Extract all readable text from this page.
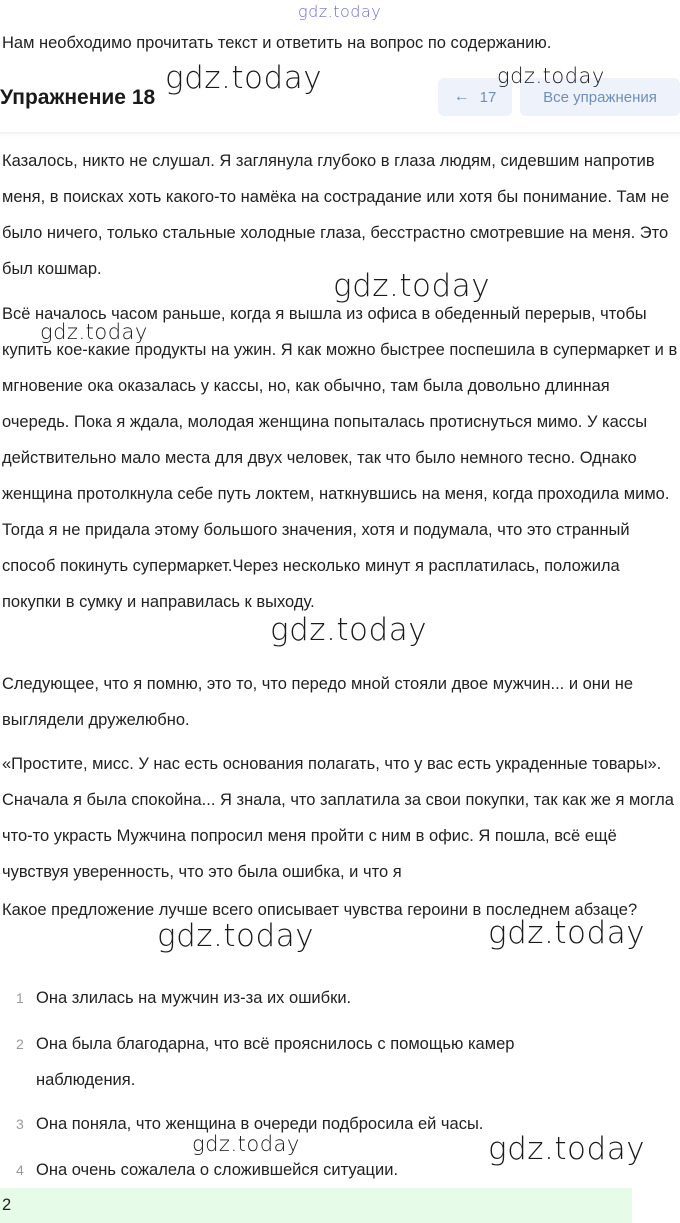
gdz.today
Нам необходимо прочитать текст и ответить на вопрос по содержанию.
Упражнение 18	← 17	Все упражнения
Казалось, никто не слушал. Я заглянула глубоко в глаза людям, сидевшим напротив меня, в поисках хоть какого-то намёка на сострадание или хотя бы понимание. Там не было ничего, только стальные холодные глаза, бесстрастно смотревшие на меня. Это был кошмар.
Всё началось часом раньше, когда я вышла из офиса в обеденный перерыв, чтобы купить кое-какие продукты на ужин. Я как можно быстрее поспешила в супермаркет и в мгновение ока оказалась у кассы, но, как обычно, там была довольно длинная очередь. Пока я ждала, молодая женщина попыталась протиснуться мимо. У кассы действительно мало места для двух человек, так что было немного тесно. Однако женщина протолкнула себе путь локтем, наткнувшись на меня, когда проходила мимо. Тогда я не придала этому большого значения, хотя и подумала, что это странный способ покинуть супермаркет.Через несколько минут я расплатилась, положила покупки в сумку и направилась к выходу.
Следующее, что я помню, это то, что передо мной стояли двое мужчин... и они не выглядели дружелюбно.
«Простите, мисс. У нас есть основания полагать, что у вас есть украденные товары». Сначала я была спокойна... Я знала, что заплатила за свои покупки, так как же я могла что-то украсть Мужчина попросил меня пройти с ним в офис. Я пошла, всё ещё чувствуя уверенность, что это была ошибка, и что я
Какое предложение лучше всего описывает чувства героини в последнем абзаце?
1 Она злилась на мужчин из-за их ошибки.
2 Она была благодарна, что всё прояснилось с помощью камер наблюдения.
3 Она поняла, что женщина в очереди подбросила ей часы.
4 Она очень сожалела о сложившейся ситуации.
2
gdz.today	gdz.today
gdz.today
gdz.today
gdz.today
gdz.today	gdz.today
gdz.today	gdz.today
